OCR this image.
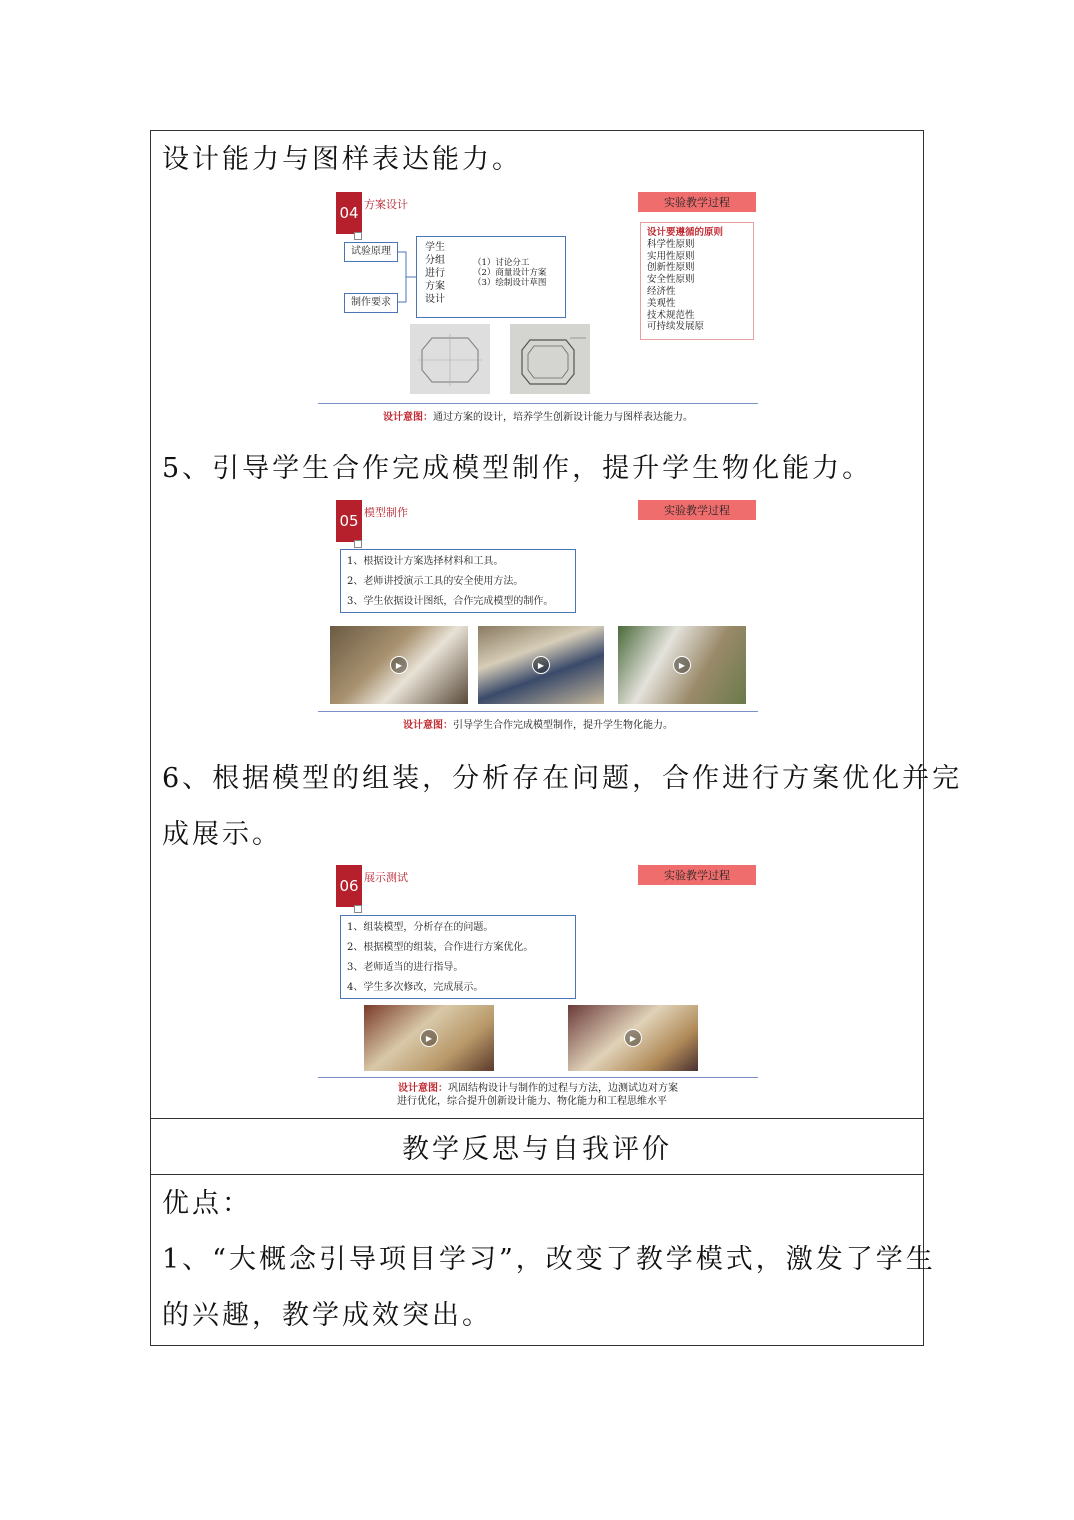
设计能力与图样表达能力。
04 方案设计	实验教学过程
试验原理
制作要求
学生
分组
进行
方案
设计
（1）讨论分工
（2）商量设计方案
（3）绘制设计草图
设计要遵循的原则
科学性原则
实用性原则
创新性原则
安全性原则
经济性
美观性
技术规范性
可持续发展原
设计意图：通过方案的设计，培养学生创新设计能力与图样表达能力。
5、引导学生合作完成模型制作，提升学生物化能力。
05 模型制作	实验教学过程
1、根据设计方案选择材料和工具。
2、老师讲授演示工具的安全使用方法。
3、学生依据设计图纸，合作完成模型的制作。
▶	▶	▶
设计意图：引导学生合作完成模型制作，提升学生物化能力。
6、根据模型的组装，分析存在问题，合作进行方案优化并完
成展示。
06 展示测试	实验教学过程
1、组装模型，分析存在的问题。
2、根据模型的组装，合作进行方案优化。
3、老师适当的进行指导。
4、学生多次修改，完成展示。
▶	▶
设计意图：巩固结构设计与制作的过程与方法，边测试边对方案
进行优化，综合提升创新设计能力、物化能力和工程思维水平
教学反思与自我评价
优点：
1、“大概念引导项目学习”，改变了教学模式，激发了学生
的兴趣，教学成效突出。
